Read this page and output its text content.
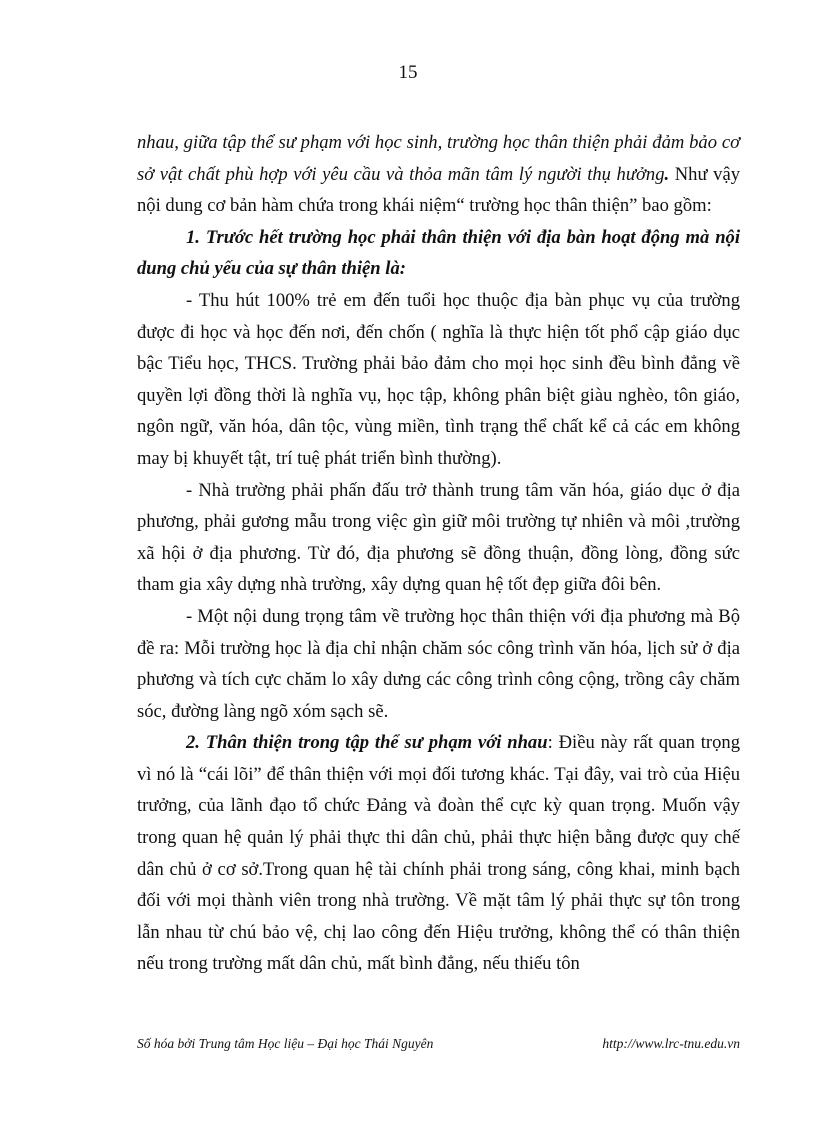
15

nhau, giữa tập thể sư phạm với học sinh, trường học thân thiện phải đảm bảo cơ sở vật chất phù hợp với yêu cầu và thỏa mãn tâm lý người thụ hưởng. Như vậy nội dung cơ bản hàm chứa trong khái niệm“ trường học thân thiện” bao gồm:

1. Trước hết trường học phải thân thiện với địa bàn hoạt động mà nội dung chủ yếu của sự thân thiện là:

- Thu hút 100% trẻ em đến tuổi học thuộc địa bàn phục vụ của trường được đi học và học đến nơi, đến chốn ( nghĩa là thực hiện tốt phổ cập giáo dục bậc Tiểu học, THCS. Trường phải bảo đảm cho mọi học sinh đều bình đẳng về quyền lợi đồng thời là nghĩa vụ, học tập, không phân biệt giàu nghèo, tôn giáo, ngôn ngữ, văn hóa, dân tộc, vùng miền, tình trạng thể chất kể cả các em không may bị khuyết tật, trí tuệ phát triển bình thường).

- Nhà trường phải phấn đấu trở thành trung tâm văn hóa, giáo dục ở địa phương, phải gương mẫu trong việc gìn giữ môi trường tự nhiên và môi ,trường xã hội ở địa phương. Từ đó, địa phương sẽ đồng thuận, đồng lòng, đồng sức tham gia xây dựng nhà trường, xây dựng quan hệ tốt đẹp giữa đôi bên.

- Một nội dung trọng tâm về trường học thân thiện với địa phương mà Bộ đề ra: Mỗi trường học là địa chỉ nhận chăm sóc công trình văn hóa, lịch sử ở địa phương và tích cực chăm lo xây dưng các công trình công cộng, trồng cây chăm sóc, đường làng ngõ xóm sạch sẽ.

2. Thân thiện trong tập thể sư phạm với nhau: Điều này rất quan trọng vì nó là “cái lõi” để thân thiện với mọi đối tương khác. Tại đây, vai trò của Hiệu trưởng, của lãnh đạo tổ chức Đảng và đoàn thể cực kỳ quan trọng. Muốn vậy trong quan hệ quản lý phải thực thi dân chủ, phải thực hiện bằng được quy chế dân chủ ở cơ sở.Trong quan hệ tài chính phải trong sáng, công khai, minh bạch đối với mọi thành viên trong nhà trường. Về mặt tâm lý phải thực sự tôn trong lẫn nhau từ chú bảo vệ, chị lao công đến Hiệu trưởng, không thể có thân thiện nếu trong trường mất dân chủ, mất bình đẳng, nếu thiếu tôn

Số hóa bởi Trung tâm Học liệu – Đại học Thái Nguyên	http://www.lrc-tnu.edu.vn
